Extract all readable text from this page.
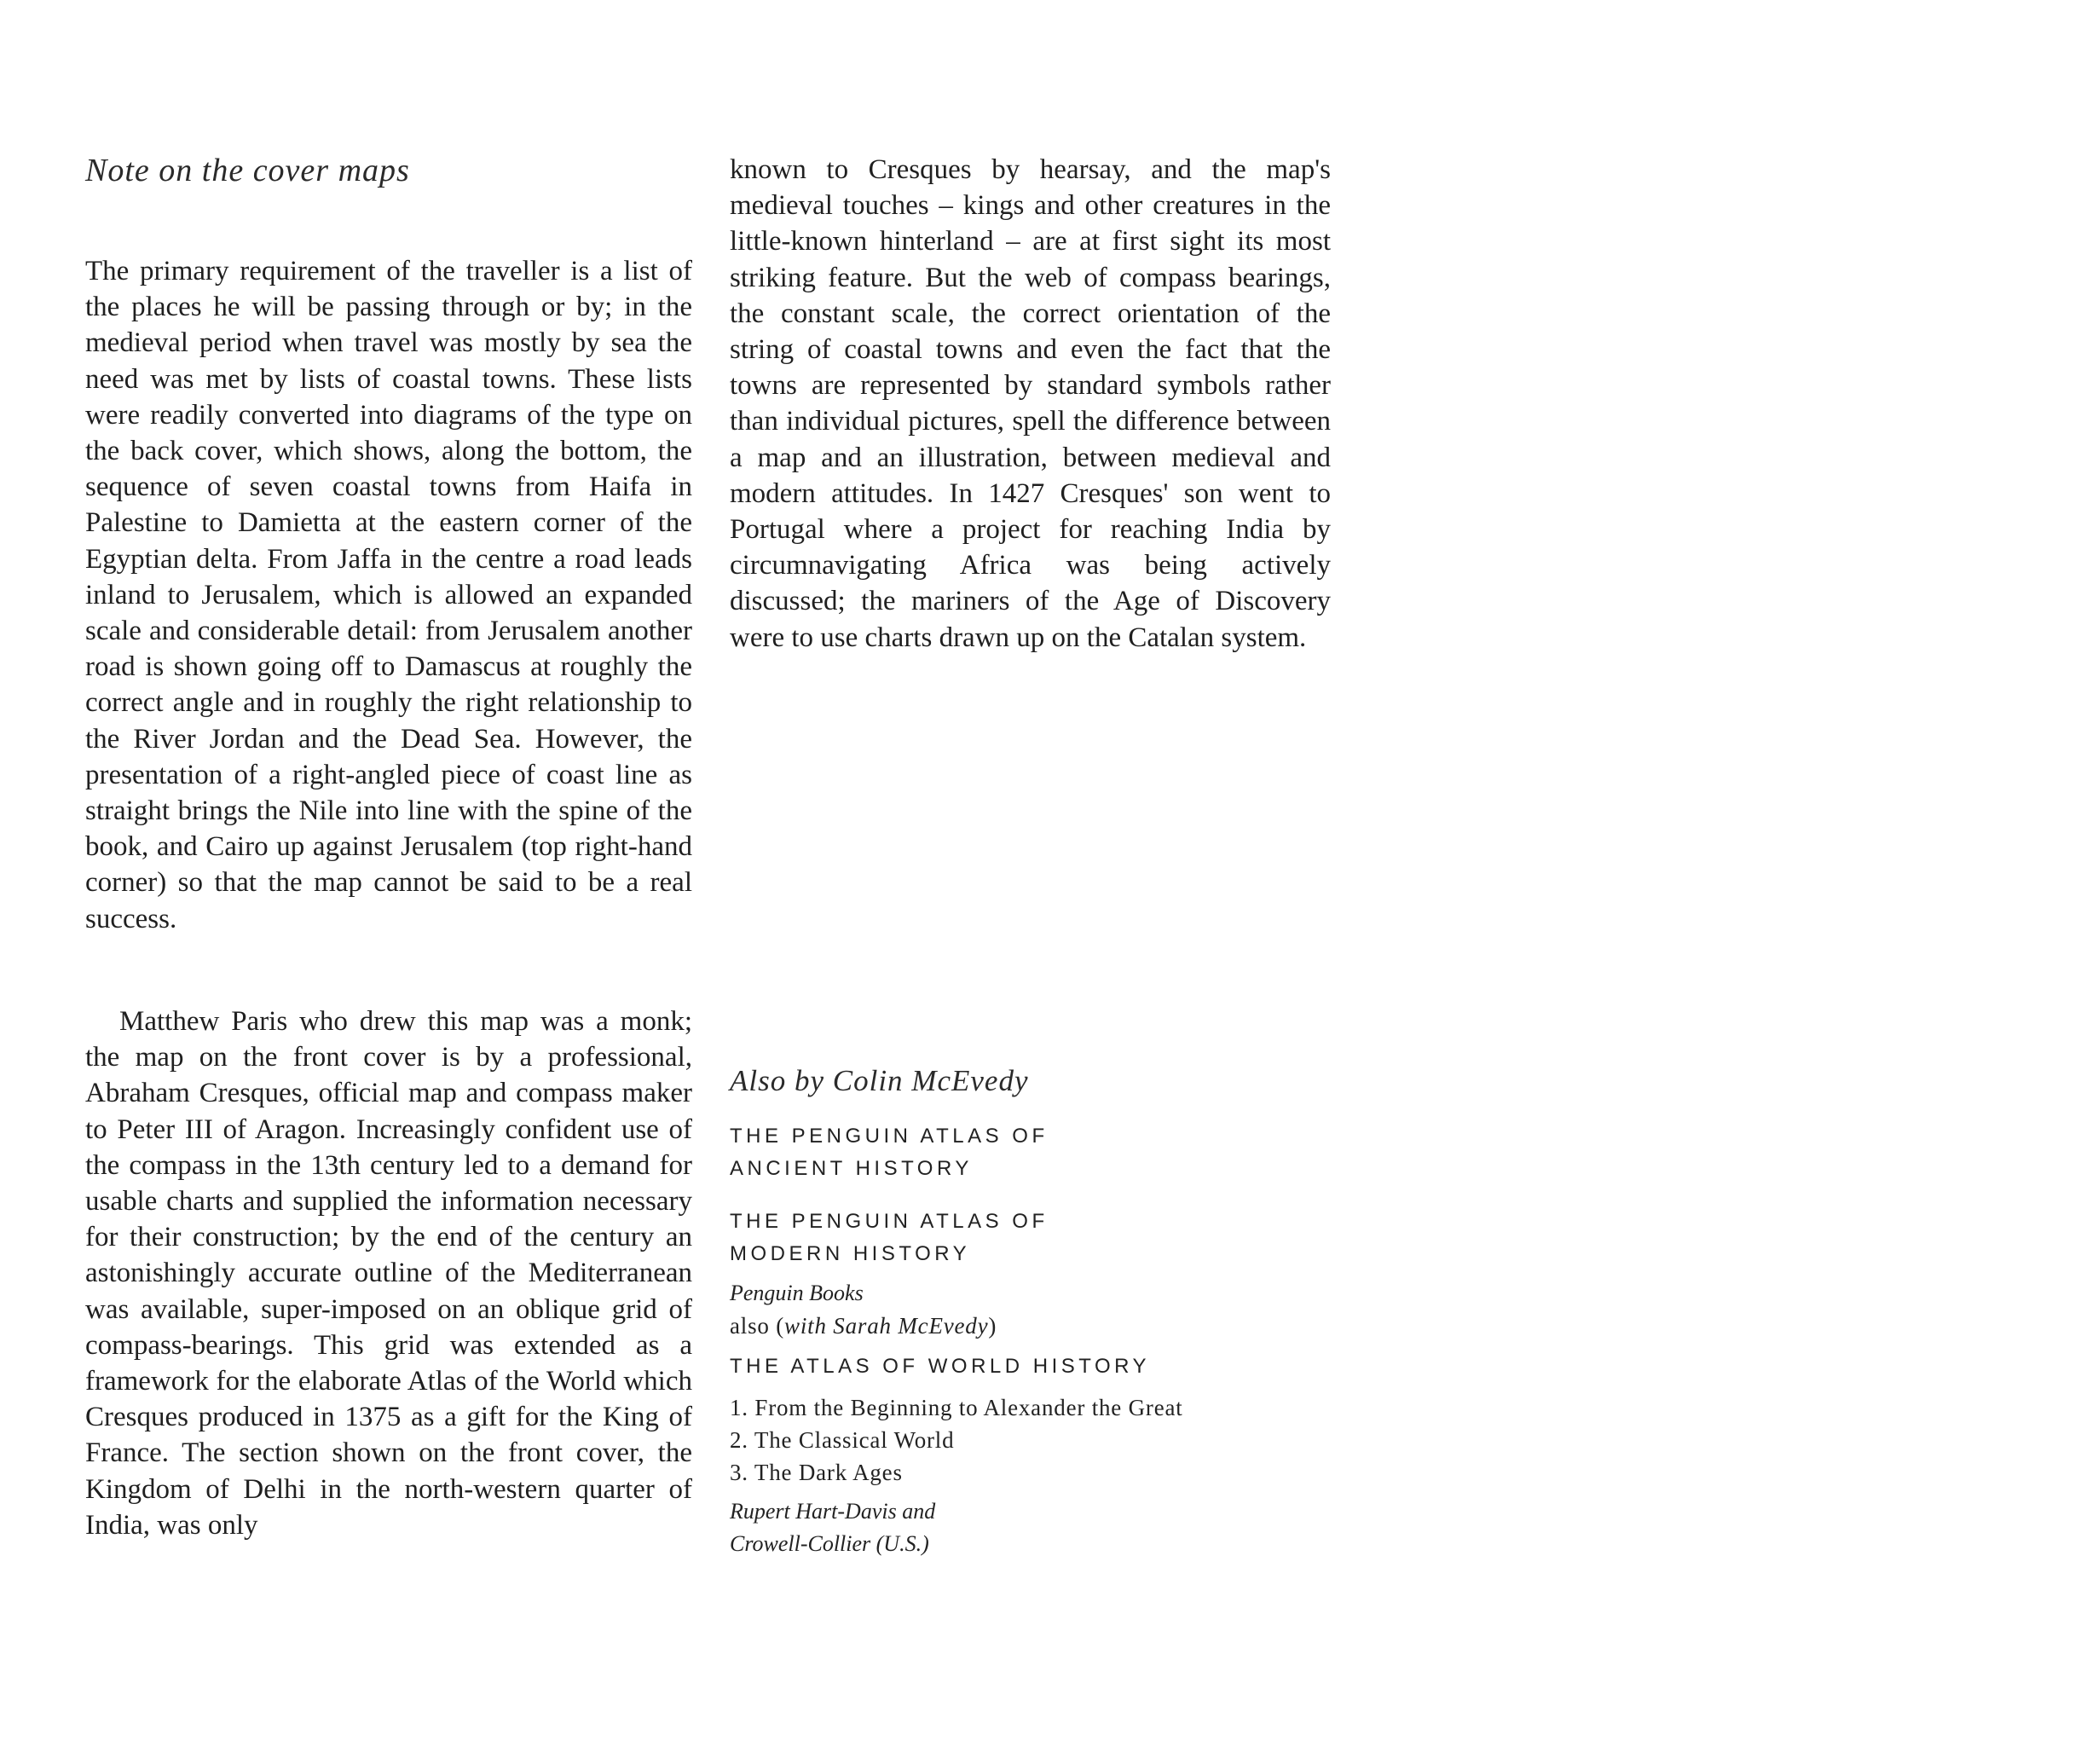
Note on the cover maps

The primary requirement of the traveller is a list of the places he will be passing through or by; in the medieval period when travel was mostly by sea the need was met by lists of coastal towns. These lists were readily converted into diagrams of the type on the back cover, which shows, along the bottom, the sequence of seven coastal towns from Haifa in Palestine to Damietta at the eastern corner of the Egyptian delta. From Jaffa in the centre a road leads inland to Jerusalem, which is allowed an expanded scale and considerable detail: from Jerusalem another road is shown going off to Damascus at roughly the correct angle and in roughly the right relationship to the River Jordan and the Dead Sea. However, the presentation of a right-angled piece of coast line as straight brings the Nile into line with the spine of the book, and Cairo up against Jerusalem (top right-hand corner) so that the map cannot be said to be a real success.

Matthew Paris who drew this map was a monk; the map on the front cover is by a professional, Abraham Cresques, official map and compass maker to Peter III of Aragon. Increasingly confident use of the compass in the 13th century led to a demand for usable charts and supplied the information necessary for their construction; by the end of the century an astonishingly accurate outline of the Mediterranean was available, super-imposed on an oblique grid of compass-bearings. This grid was extended as a framework for the elaborate Atlas of the World which Cresques produced in 1375 as a gift for the King of France. The section shown on the front cover, the Kingdom of Delhi in the north-western quarter of India, was only

known to Cresques by hearsay, and the map's medieval touches – kings and other creatures in the little-known hinterland – are at first sight its most striking feature. But the web of compass bearings, the constant scale, the correct orientation of the string of coastal towns and even the fact that the towns are represented by standard symbols rather than individual pictures, spell the difference between a map and an illustration, between medieval and modern attitudes. In 1427 Cresques' son went to Portugal where a project for reaching India by circumnavigating Africa was being actively discussed; the mariners of the Age of Discovery were to use charts drawn up on the Catalan system.

Also by Colin McEvedy

THE PENGUIN ATLAS OF

ANCIENT HISTORY

THE PENGUIN ATLAS OF

MODERN HISTORY

Penguin Books

also (with Sarah McEvedy)

THE ATLAS OF WORLD HISTORY

1. From the Beginning to Alexander the Great
2. The Classical World
3. The Dark Ages

Rupert Hart-Davis and

Crowell-Collier (U.S.)
